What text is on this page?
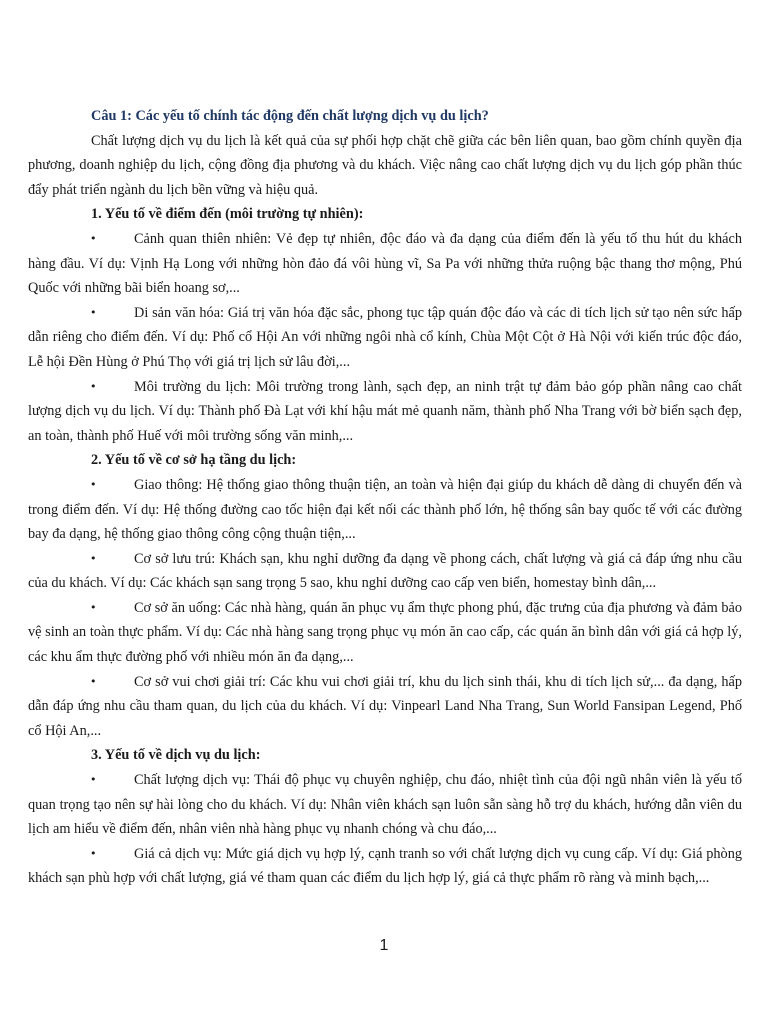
Câu 1: Các yếu tố chính tác động đến chất lượng dịch vụ du lịch?

Chất lượng dịch vụ du lịch là kết quả của sự phối hợp chặt chẽ giữa các bên liên quan, bao gồm chính quyền địa phương, doanh nghiệp du lịch, cộng đồng địa phương và du khách. Việc nâng cao chất lượng dịch vụ du lịch góp phần thúc đẩy phát triển ngành du lịch bền vững và hiệu quả.

1. Yếu tố về điểm đến (môi trường tự nhiên):

•	Cảnh quan thiên nhiên: Vẻ đẹp tự nhiên, độc đáo và đa dạng của điểm đến là yếu tố thu hút du khách hàng đầu. Ví dụ: Vịnh Hạ Long với những hòn đảo đá vôi hùng vĩ, Sa Pa với những thửa ruộng bậc thang thơ mộng, Phú Quốc với những bãi biển hoang sơ,...

•	Di sản văn hóa: Giá trị văn hóa đặc sắc, phong tục tập quán độc đáo và các di tích lịch sử tạo nên sức hấp dẫn riêng cho điểm đến. Ví dụ: Phố cổ Hội An với những ngôi nhà cổ kính, Chùa Một Cột ở Hà Nội với kiến trúc độc đáo, Lễ hội Đền Hùng ở Phú Thọ với giá trị lịch sử lâu đời,...

•	Môi trường du lịch: Môi trường trong lành, sạch đẹp, an ninh trật tự đảm bảo góp phần nâng cao chất lượng dịch vụ du lịch. Ví dụ: Thành phố Đà Lạt với khí hậu mát mẻ quanh năm, thành phố Nha Trang với bờ biển sạch đẹp, an toàn, thành phố Huế với môi trường sống văn minh,...

2. Yếu tố về cơ sở hạ tầng du lịch:

•	Giao thông: Hệ thống giao thông thuận tiện, an toàn và hiện đại giúp du khách dễ dàng di chuyển đến và trong điểm đến. Ví dụ: Hệ thống đường cao tốc hiện đại kết nối các thành phố lớn, hệ thống sân bay quốc tế với các đường bay đa dạng, hệ thống giao thông công cộng thuận tiện,...

•	Cơ sở lưu trú: Khách sạn, khu nghỉ dưỡng đa dạng về phong cách, chất lượng và giá cả đáp ứng nhu cầu của du khách. Ví dụ: Các khách sạn sang trọng 5 sao, khu nghỉ dưỡng cao cấp ven biển, homestay bình dân,...

•	Cơ sở ăn uống: Các nhà hàng, quán ăn phục vụ ẩm thực phong phú, đặc trưng của địa phương và đảm bảo vệ sinh an toàn thực phẩm. Ví dụ: Các nhà hàng sang trọng phục vụ món ăn cao cấp, các quán ăn bình dân với giá cả hợp lý, các khu ẩm thực đường phố với nhiều món ăn đa dạng,...

•	Cơ sở vui chơi giải trí: Các khu vui chơi giải trí, khu du lịch sinh thái, khu di tích lịch sử,... đa dạng, hấp dẫn đáp ứng nhu cầu tham quan, du lịch của du khách. Ví dụ: Vinpearl Land Nha Trang, Sun World Fansipan Legend, Phố cổ Hội An,...

3. Yếu tố về dịch vụ du lịch:

•	Chất lượng dịch vụ: Thái độ phục vụ chuyên nghiệp, chu đáo, nhiệt tình của đội ngũ nhân viên là yếu tố quan trọng tạo nên sự hài lòng cho du khách. Ví dụ: Nhân viên khách sạn luôn sẵn sàng hỗ trợ du khách, hướng dẫn viên du lịch am hiểu về điểm đến, nhân viên nhà hàng phục vụ nhanh chóng và chu đáo,...

•	Giá cả dịch vụ: Mức giá dịch vụ hợp lý, cạnh tranh so với chất lượng dịch vụ cung cấp. Ví dụ: Giá phòng khách sạn phù hợp với chất lượng, giá vé tham quan các điểm du lịch hợp lý, giá cả thực phẩm rõ ràng và minh bạch,...

1
